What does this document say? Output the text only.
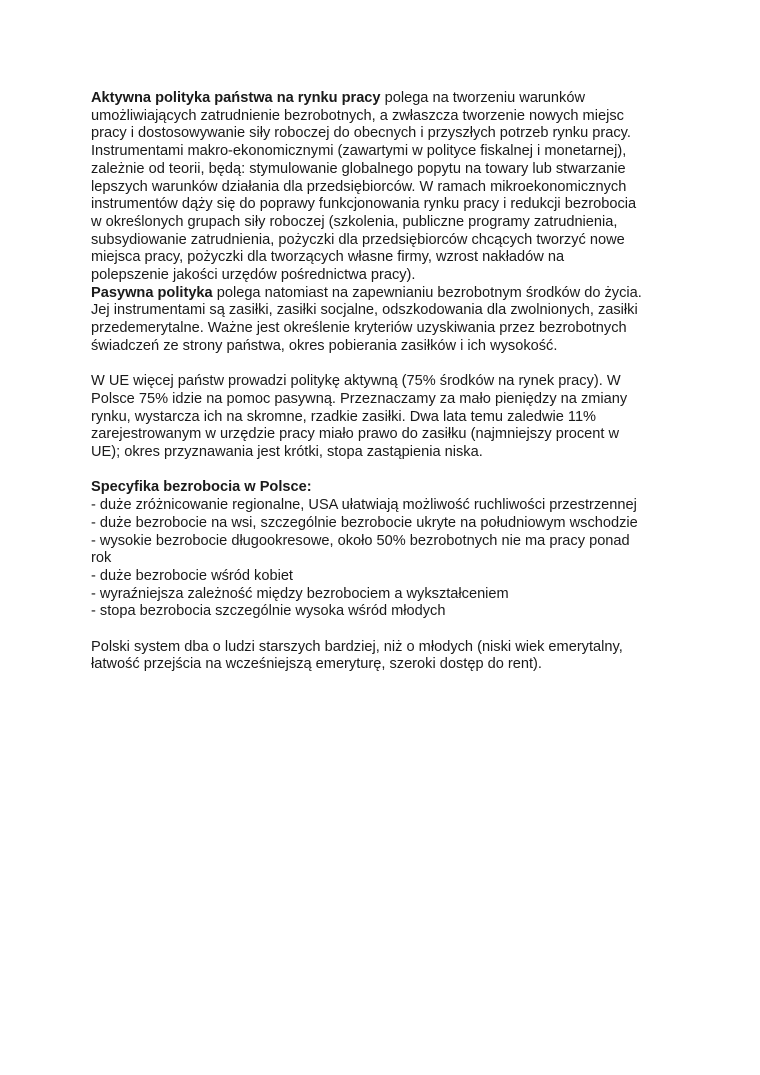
Aktywna polityka państwa na rynku pracy polega na tworzeniu warunków
umożliwiających zatrudnienie bezrobotnych, a zwłaszcza tworzenie nowych miejsc
pracy i dostosowywanie siły roboczej do obecnych i przyszłych potrzeb rynku pracy.
Instrumentami makro-ekonomicznymi (zawartymi w polityce fiskalnej i monetarnej),
zależnie od teorii, będą: stymulowanie globalnego popytu na towary lub stwarzanie
lepszych warunków działania dla przedsiębiorców. W ramach mikroekonomicznych
instrumentów dąży się do poprawy funkcjonowania rynku pracy i redukcji bezrobocia
w określonych grupach siły roboczej (szkolenia, publiczne programy zatrudnienia,
subsydiowanie zatrudnienia, pożyczki dla przedsiębiorców chcących tworzyć nowe
miejsca pracy, pożyczki dla tworzących własne firmy, wzrost nakładów na
polepszenie jakości urzędów pośrednictwa pracy).

Pasywna polityka polega natomiast na zapewnianiu bezrobotnym środków do życia.
Jej instrumentami są zasiłki, zasiłki socjalne, odszkodowania dla zwolnionych, zasiłki
przedemerytalne. Ważne jest określenie kryteriów uzyskiwania przez bezrobotnych
świadczeń ze strony państwa, okres pobierania zasiłków i ich wysokość.

W UE więcej państw prowadzi politykę aktywną (75% środków na rynek pracy). W
Polsce 75% idzie na pomoc pasywną. Przeznaczamy za mało pieniędzy na zmiany
rynku, wystarcza ich na skromne, rzadkie zasiłki. Dwa lata temu zaledwie 11%
zarejestrowanym w urzędzie pracy miało prawo do zasiłku (najmniejszy procent w
UE); okres przyznawania jest krótki, stopa zastąpienia niska.

Specyfika bezrobocia w Polsce:

- duże zróżnicowanie regionalne, USA ułatwiają możliwość ruchliwości przestrzennej

- duże bezrobocie na wsi, szczególnie bezrobocie ukryte na południowym wschodzie

- wysokie bezrobocie długookresowe, około 50% bezrobotnych nie ma pracy ponad
rok

- duże bezrobocie wśród kobiet

- wyraźniejsza zależność między bezrobociem a wykształceniem

- stopa bezrobocia szczególnie wysoka wśród młodych

Polski system dba o ludzi starszych bardziej, niż o młodych (niski wiek emerytalny,
łatwość przejścia na wcześniejszą emeryturę, szeroki dostęp do rent).
